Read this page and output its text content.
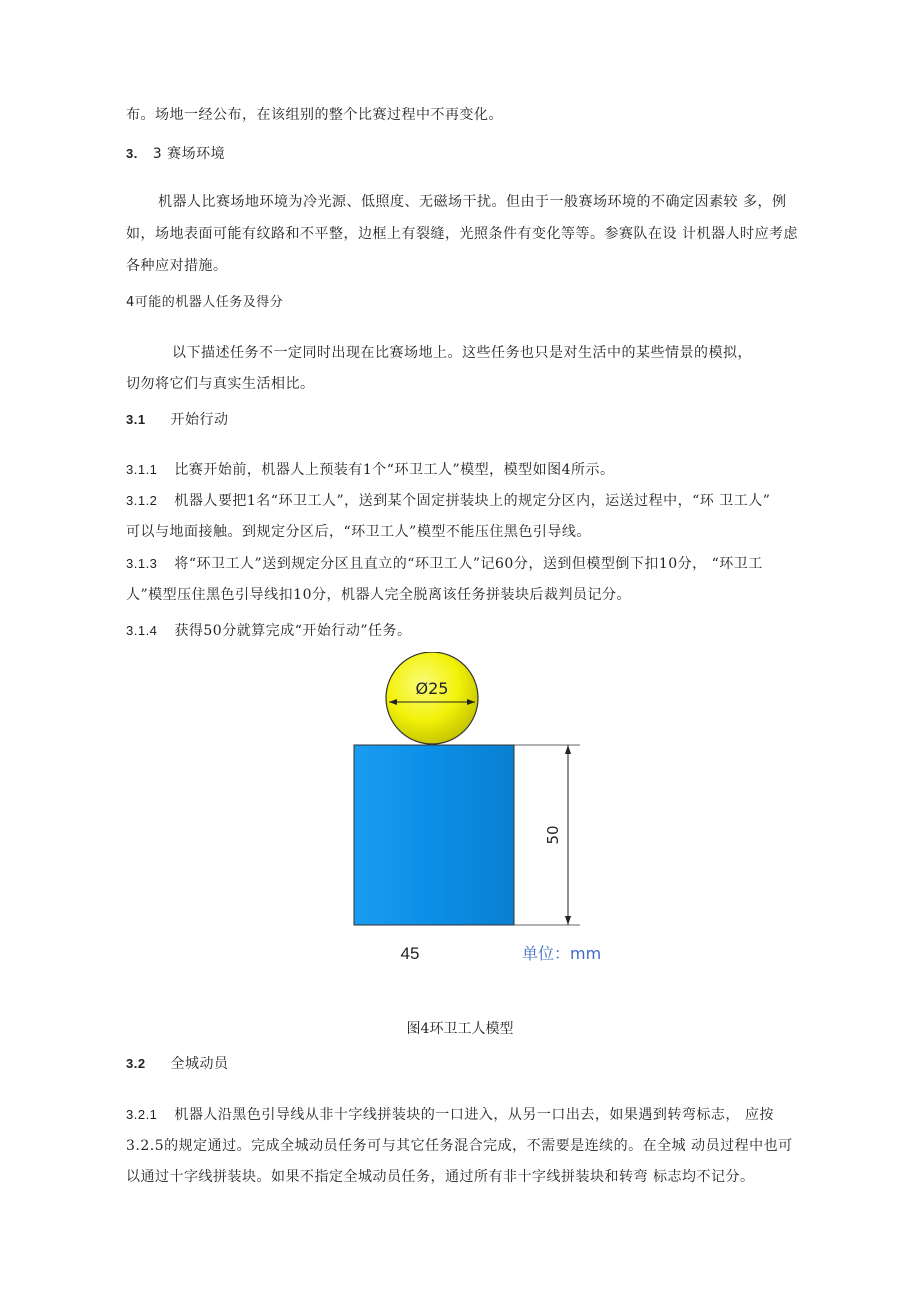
布。场地一经公布，在该组别的整个比赛过程中不再变化。
3. 3 赛场环境
机器人比赛场地环境为冷光源、低照度、无磁场干扰。但由于一般赛场环境的不确定因素较 多，例
如，场地表面可能有纹路和不平整，边框上有裂缝，光照条件有变化等等。参赛队在设 计机器人时应考虑
各种应对措施。
4可能的机器人任务及得分
以下描述任务不一定同时出现在比赛场地上。这些任务也只是对生活中的某些情景的模拟，
切勿将它们与真实生活相比。
3.1 开始行动
3.1.1 比赛开始前，机器人上预装有1个“环卫工人”模型，模型如图4所示。
3.1.2 机器人要把1名“环卫工人”，送到某个固定拼装块上的规定分区内，运送过程中，“环 卫工人”
可以与地面接触。到规定分区后，“环卫工人”模型不能压住黑色引导线。
3.1.3 将“环卫工人”送到规定分区且直立的“环卫工人”记60分，送到但模型倒下扣10分， “环卫工
人”模型压住黑色引导线扣10分，机器人完全脱离该任务拼装块后裁判员记分。
3.1.4 获得50分就算完成“开始行动”任务。
Ø25
50
45	单位：mm
图4环卫工人模型
3.2 全城动员
3.2.1 机器人沿黑色引导线从非十字线拼装块的一口进入，从另一口出去，如果遇到转弯标志， 应按
3.2.5的规定通过。完成全城动员任务可与其它任务混合完成，不需要是连续的。在全城 动员过程中也可
以通过十字线拼装块。如果不指定全城动员任务，通过所有非十字线拼装块和转弯 标志均不记分。
